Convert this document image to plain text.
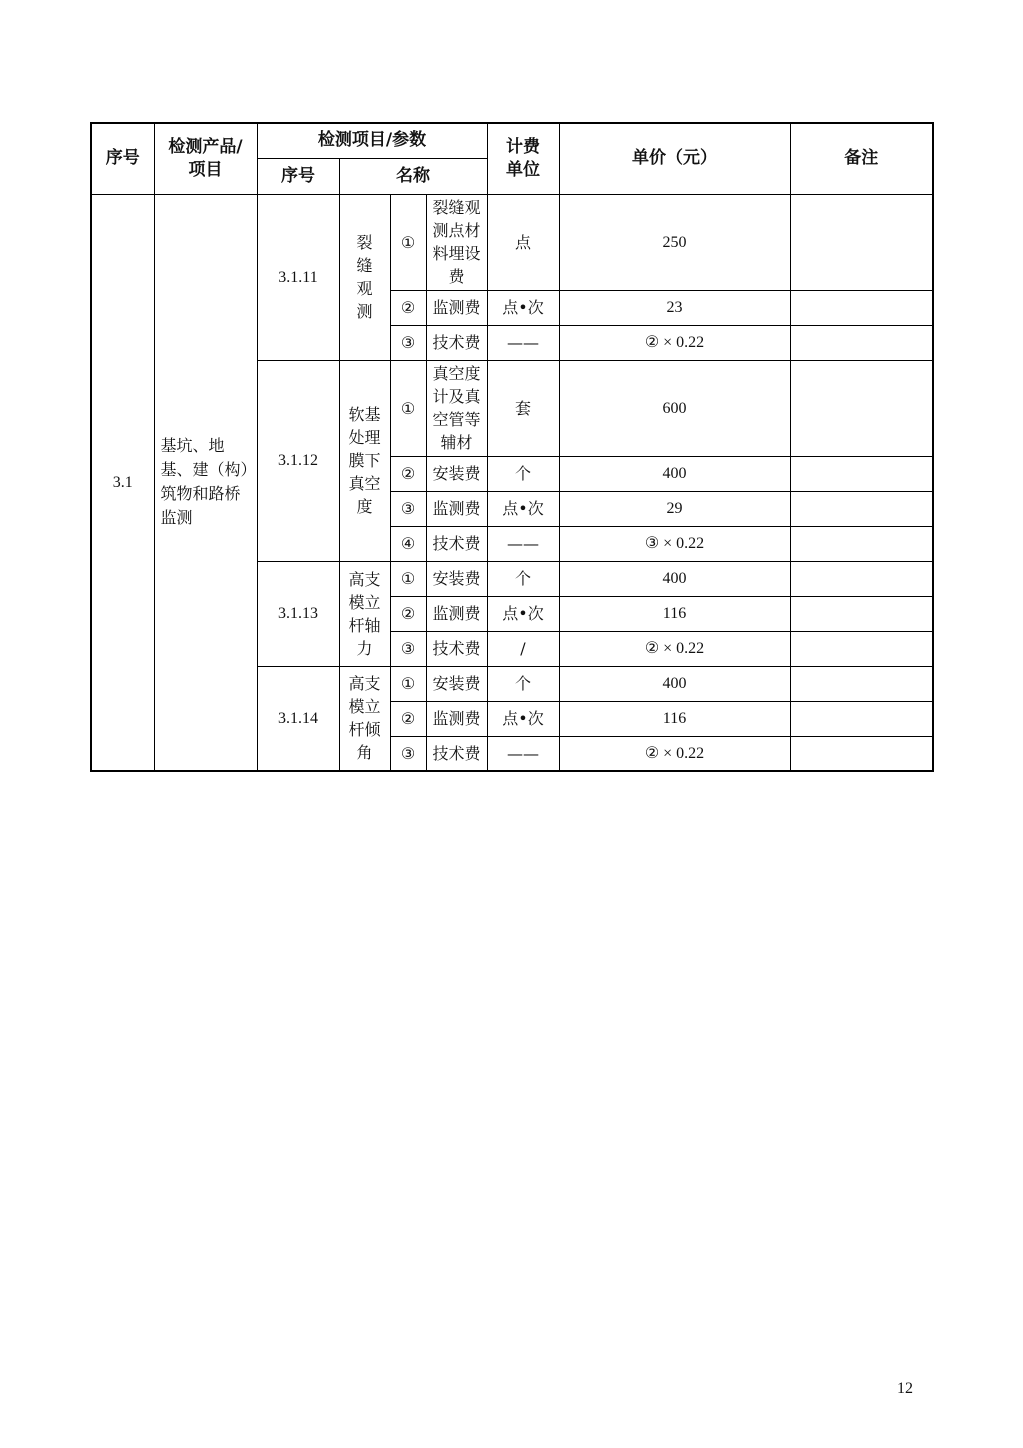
序号	检测产品/项目	检测项目/参数				计费单位	单价（元）	备注
		序号	名称					
3.1	基坑、地基、建（构）筑物和路桥监测	3.1.11	裂缝观测	①	裂缝观测点材料埋设费	点	250	
				②	监测费	点•次	23	
				③	技术费	——	② × 0.22	
		3.1.12	软基处理膜下真空度	①	真空度计及真空管等辅材	套	600	
				②	安装费	个	400	
				③	监测费	点•次	29	
				④	技术费	——	③ × 0.22	
		3.1.13	高支模立杆轴力	①	安装费	个	400	
				②	监测费	点•次	116	
				③	技术费	/	② × 0.22	
		3.1.14	高支模立杆倾角	①	安装费	个	400	
				②	监测费	点•次	116	
				③	技术费	——	② × 0.22	
12
